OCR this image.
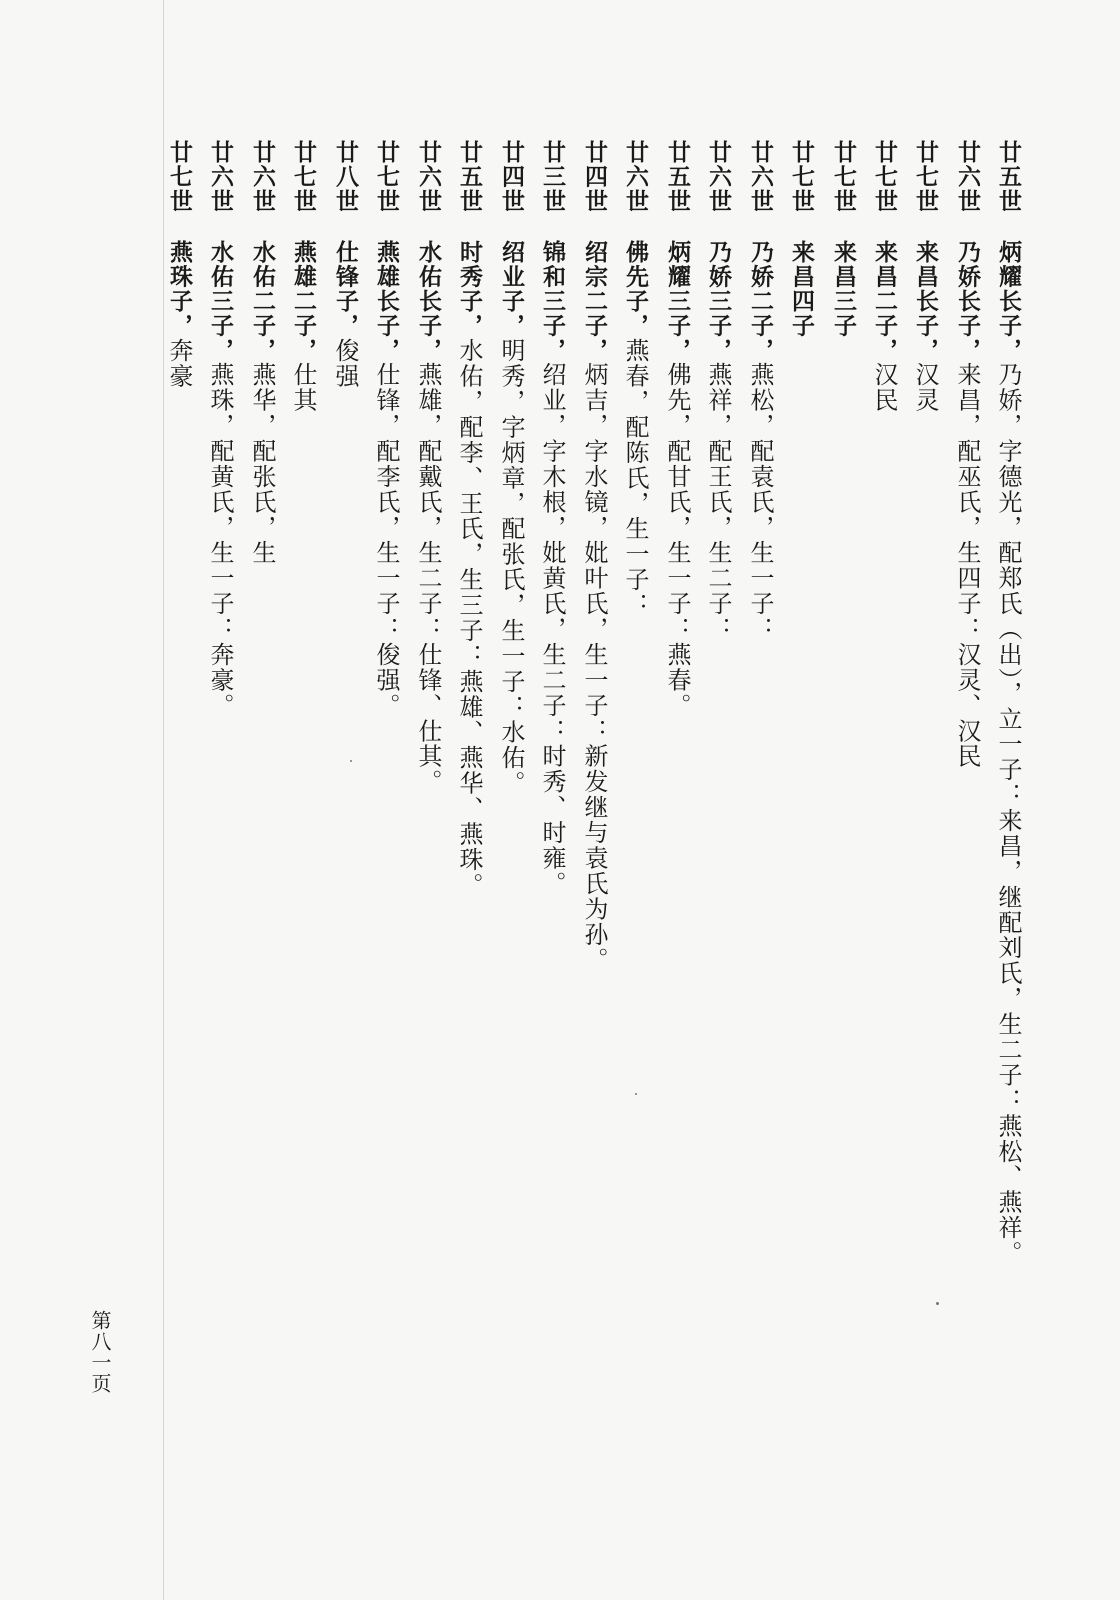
廿五世炳耀长子，乃娇，字德光，配郑氏（出），立一子：来昌，继配刘氏，生二子：燕松、燕祥。
廿六世乃娇长子，来昌，配巫氏，生四子：汉灵、汉民
廿七世来昌长子，汉灵
廿七世来昌二子，汉民
廿七世来昌三子
廿七世来昌四子
廿六世乃娇二子，燕松，配袁氏，生一子：
廿六世乃娇三子，燕祥，配王氏，生二子：
廿五世炳耀三子，佛先，配甘氏，生一子：燕春。
廿六世佛先子，燕春，配陈氏，生一子：
廿四世绍宗二子，炳吉，字水镜，妣叶氏，生一子：新发继与袁氏为孙。
廿三世锦和三子，绍业，字木根，妣黄氏，生二子：时秀、时雍。
廿四世绍业子，明秀，字炳章，配张氏，生一子：水佑。
廿五世时秀子，水佑，配李、王氏，生三子：燕雄、燕华、燕珠。
廿六世水佑长子，燕雄，配戴氏，生二子：仕锋、仕其。
廿七世燕雄长子，仕锋，配李氏，生一子：俊强。
廿八世仕锋子，俊强
廿七世燕雄二子，仕其
廿六世水佑二子，燕华，配张氏，生
廿六世水佑三子，燕珠，配黄氏，生一子：奔豪。
廿七世燕珠子，奔豪
第八一页
